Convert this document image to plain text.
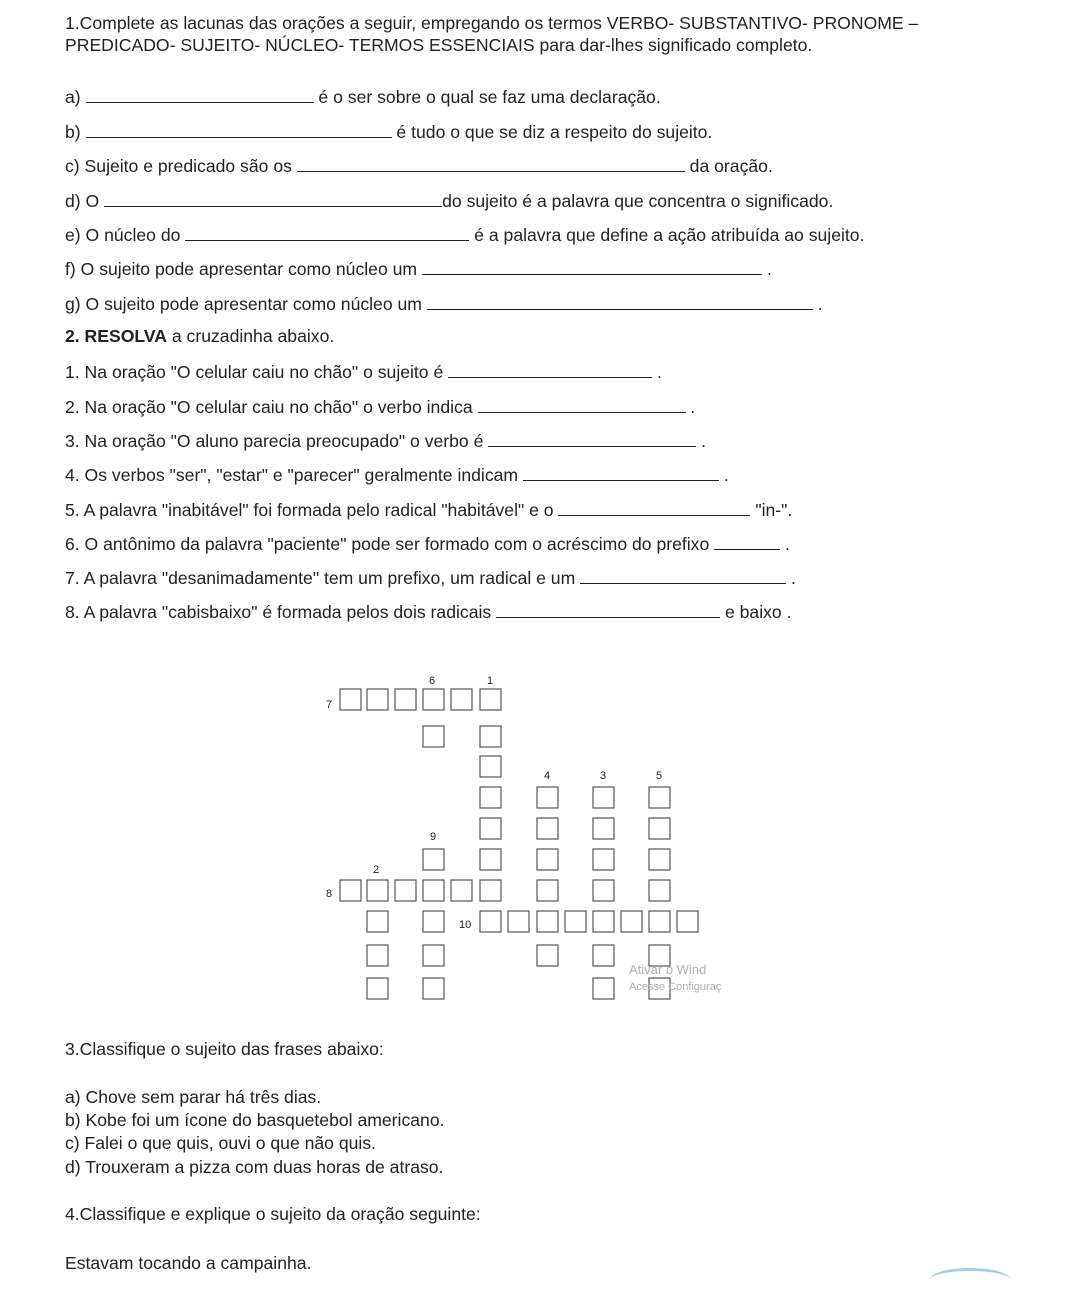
1.Complete as lacunas das orações a seguir, empregando os termos VERBO- SUBSTANTIVO- PRONOME – PREDICADO- SUJEITO- NÚCLEO- TERMOS ESSENCIAIS para dar-lhes significado completo.
a)	é o ser sobre o qual se faz uma declaração.
b)	é tudo o que se diz a respeito do sujeito.
c) Sujeito e predicado são os	da oração.
d) O	do sujeito é a palavra que concentra o significado.
e) O núcleo do	é a palavra que define a ação atribuída ao sujeito.
f) O sujeito pode apresentar como núcleo um	.
g) O sujeito pode apresentar como núcleo um	.
2. RESOLVA a cruzadinha abaixo.
1. Na oração "O celular caiu no chão" o sujeito é	.
2. Na oração "O celular caiu no chão" o verbo indica	.
3. Na oração "O aluno parecia preocupado" o verbo é	.
4. Os verbos "ser", "estar" e "parecer" geralmente indicam	.
5. A palavra "inabitável" foi formada pelo radical "habitável" e o	"in-".
6. O antônimo da palavra "paciente" pode ser formado com o acréscimo do prefixo	.
7. A palavra "desanimadamente" tem um prefixo, um radical e um	.
8. A palavra "cabisbaixo" é formada pelos dois radicais	e baixo .
6	1
7
4	3	5
9
2
8
10
Ativar o Wind
Acesse Configuraç
3.Classifique o sujeito das frases abaixo:
a) Chove sem parar há três dias.
b) Kobe foi um ícone do basquetebol americano.
c) Falei o que quis, ouvi o que não quis.
d) Trouxeram a pizza com duas horas de atraso.
4.Classifique e explique o sujeito da oração seguinte:
Estavam tocando a campainha.
